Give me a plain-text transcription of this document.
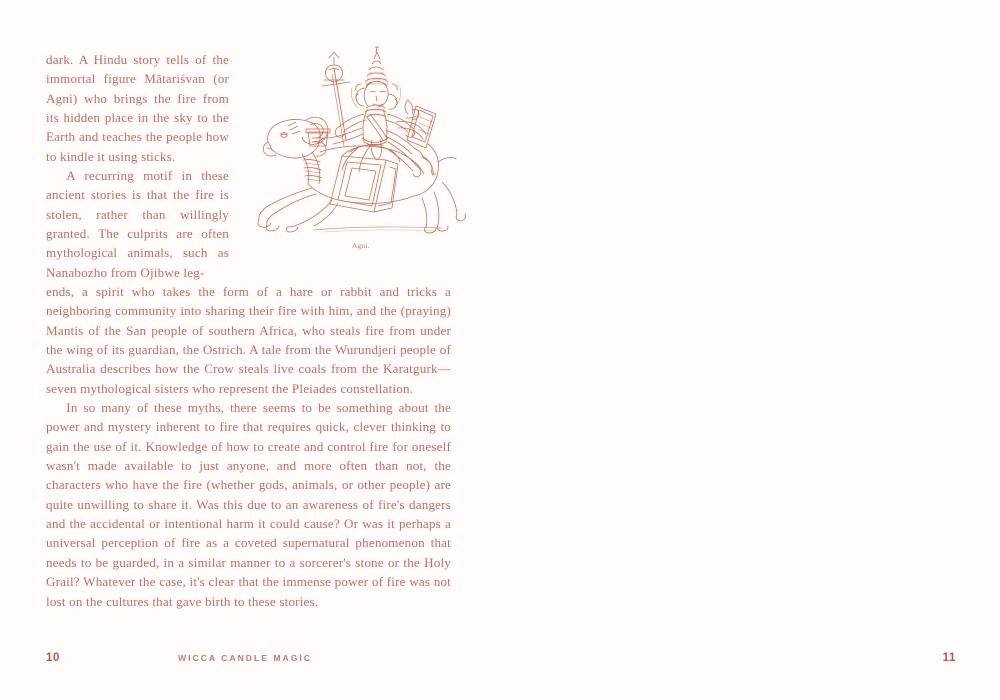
dark. A Hindu story tells of the immortal figure Mātariśvan (or Agni) who brings the fire from its hidden place in the sky to the Earth and teaches the people how to kindle it using sticks.

A recurring motif in these ancient stories is that the fire is stolen, rather than willingly granted. The culprits are often mythological animals, such as Nanabozho from Ojibwe leg-

ends, a spirit who takes the form of a hare or rabbit and tricks a neighboring community into sharing their fire with him, and the (praying) Mantis of the San people of southern Africa, who steals fire from under the wing of its guardian, the Ostrich. A tale from the Wurundjeri people of Australia describes how the Crow steals live coals from the Karatgurk—seven mythological sisters who represent the Pleiades constellation.

In so many of these myths, there seems to be something about the power and mystery inherent to fire that requires quick, clever thinking to gain the use of it. Knowledge of how to create and control fire for oneself wasn't made available to just anyone, and more often than not, the characters who have the fire (whether gods, animals, or other people) are quite unwilling to share it. Was this due to an awareness of fire's dangers and the accidental or intentional harm it could cause? Or was it perhaps a universal perception of fire as a coveted supernatural phenomenon that needs to be guarded, in a similar manner to a sorcerer's stone or the Holy Grail? Whatever the case, it's clear that the immense power of fire was not lost on the cultures that gave birth to these stories.

Agni.
10	WICCA CANDLE MAGIC	11
